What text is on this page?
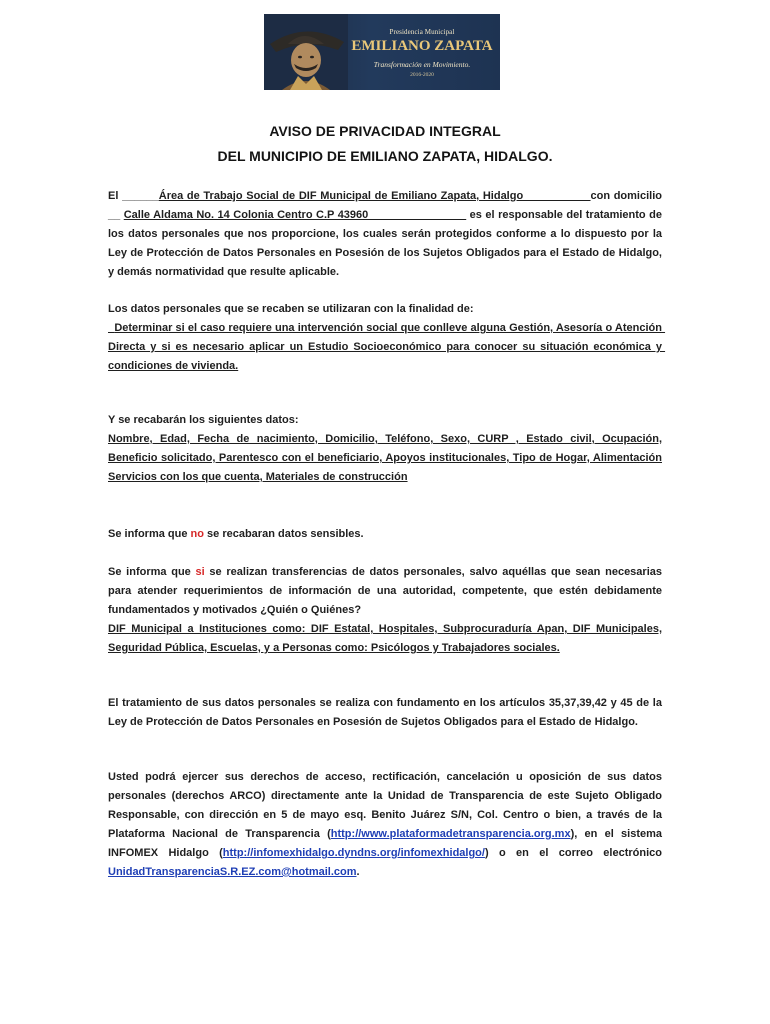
Presidencia Municipal
EMILIANO ZAPATA
Transformación en Movimiento.
2016-2020
AVISO DE PRIVACIDAD INTEGRAL
DEL MUNICIPIO DE EMILIANO ZAPATA, HIDALGO.
El ______Área de Trabajo Social de DIF Municipal de Emiliano Zapata, Hidalgo___________con domicilio __ Calle Aldama No. 14 Colonia Centro C.P 43960________________ es el responsable del tratamiento de los datos personales que nos proporcione, los cuales serán protegidos conforme a lo dispuesto por la Ley de Protección de Datos Personales en Posesión de los Sujetos Obligados para el Estado de Hidalgo, y demás normatividad que resulte aplicable.
Los datos personales que se recaben se utilizaran con la finalidad de:
Determinar si el caso requiere una intervención social que conlleve alguna Gestión, Asesoría o Atención Directa y si es necesario aplicar un Estudio Socioeconómico para conocer su situación económica y condiciones de vivienda.
Y se recabarán los siguientes datos:
Nombre, Edad, Fecha de nacimiento, Domicilio, Teléfono, Sexo, CURP , Estado civil, Ocupación, Beneficio solicitado, Parentesco con el beneficiario, Apoyos institucionales, Tipo de Hogar, Alimentación Servicios con los que cuenta, Materiales de construcción
Se informa que no se recabaran datos sensibles.
Se informa que si se realizan transferencias de datos personales, salvo aquéllas que sean necesarias para atender requerimientos de información de una autoridad, competente, que estén debidamente fundamentados y motivados ¿Quién o Quiénes?
DIF Municipal a Instituciones como: DIF Estatal, Hospitales, Subprocuraduría Apan, DIF Municipales, Seguridad Pública, Escuelas, y a Personas como: Psicólogos y Trabajadores sociales.
El tratamiento de sus datos personales se realiza con fundamento en los artículos 35,37,39,42 y 45 de la Ley de Protección de Datos Personales en Posesión de Sujetos Obligados para el Estado de Hidalgo.
Usted podrá ejercer sus derechos de acceso, rectificación, cancelación u oposición de sus datos personales (derechos ARCO) directamente ante la Unidad de Transparencia de este Sujeto Obligado Responsable, con dirección en 5 de mayo esq. Benito Juárez S/N, Col. Centro o bien, a través de la Plataforma Nacional de Transparencia (http://www.plataformadetransparencia.org.mx), en el sistema INFOMEX Hidalgo (http://infomexhidalgo.dyndns.org/infomexhidalgo/) o en el correo electrónico UnidadTransparenciaS.R.EZ.com@hotmail.com.
